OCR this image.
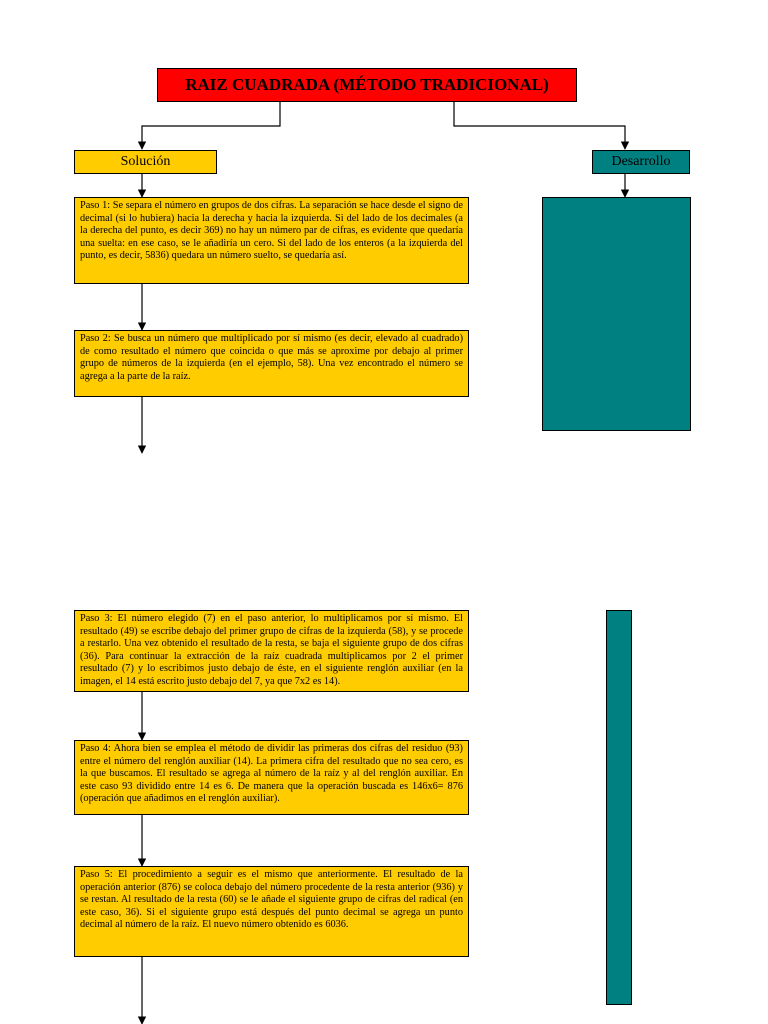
RAIZ CUADRADA (MÉTODO TRADICIONAL)
Solución	Desarrollo
Paso 1: Se separa el número en grupos de dos cifras. La separación se hace desde el signo de decimal (si lo hubiera) hacia la derecha y hacia la izquierda. Si del lado de los decimales (a la derecha del punto, es decir 369) no hay un número par de cifras, es evidente que quedaría una suelta: en ese caso, se le añadiría un cero. Si del lado de los enteros (a la izquierda del punto, es decir, 5836) quedara un número suelto, se quedaría así.
Paso 2: Se busca un número que multiplicado por sí mismo (es decir, elevado al cuadrado) de como resultado el número que coincida o que más se aproxime por debajo al primer grupo de números de la izquierda (en el ejemplo, 58). Una vez encontrado el número se agrega a la parte de la raíz.
Paso 3: El número elegido (7) en el paso anterior, lo multiplicamos por sí mismo. El resultado (49) se escribe debajo del primer grupo de cifras de la izquierda (58), y se procede a restarlo. Una vez obtenido el resultado de la resta, se baja el siguiente grupo de dos cifras (36). Para continuar la extracción de la raíz cuadrada multiplicamos por 2 el primer resultado (7) y lo escribimos justo debajo de éste, en el siguiente renglón auxiliar (en la imagen, el 14 está escrito justo debajo del 7, ya que 7x2 es 14).
Paso 4: Ahora bien se emplea el método de dividir las primeras dos cifras del residuo (93) entre el número del renglón auxiliar (14). La primera cifra del resultado que no sea cero, es la que buscamos. El resultado se agrega al número de la raíz y al del renglón auxiliar. En este caso 93 dividido entre 14 es 6. De manera que la operación buscada es 146x6= 876 (operación que añadimos en el renglón auxiliar).
Paso 5: El procedimiento a seguir es el mismo que anteriormente. El resultado de la operación anterior (876) se coloca debajo del número procedente de la resta anterior (936) y se restan. Al resultado de la resta (60) se le añade el siguiente grupo de cifras del radical (en este caso, 36). Si el siguiente grupo está después del punto decimal se agrega un punto decimal al número de la raíz. El nuevo número obtenido es 6036.
